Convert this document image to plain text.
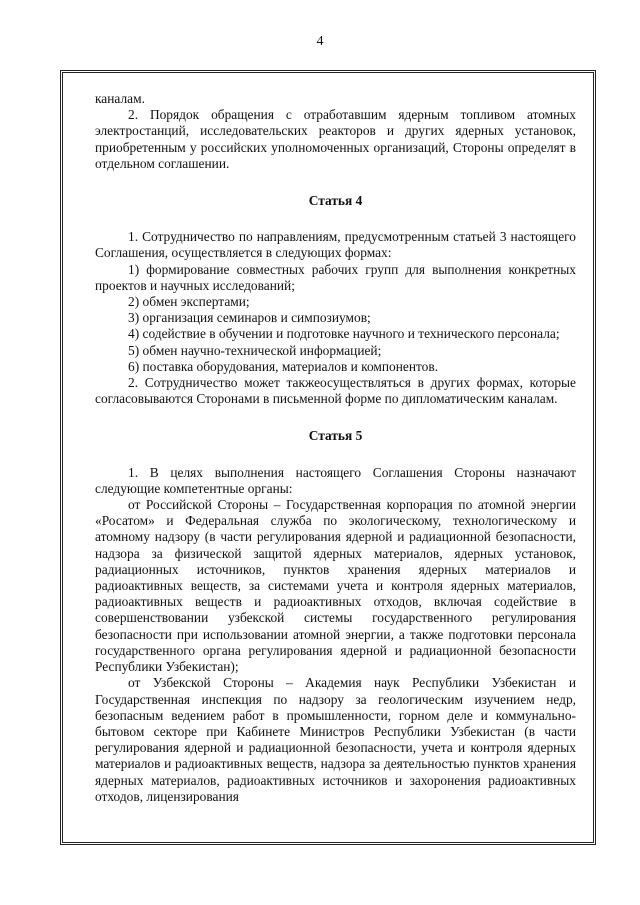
4

каналам.

2. Порядок обращения с отработавшим ядерным топливом атомных электростанций, исследовательских реакторов и других ядерных установок, приобретенным у российских уполномоченных организаций, Стороны определят в отдельном соглашении.

Статья 4

1. Сотрудничество по направлениям, предусмотренным статьей 3 настоящего Соглашения, осуществляется в следующих формах:

1) формирование совместных рабочих групп для выполнения конкретных проектов и научных исследований;

2) обмен экспертами;

3) организация семинаров и симпозиумов;

4) содействие в обучении и подготовке научного и технического персонала;

5) обмен научно-технической информацией;

6) поставка оборудования, материалов и компонентов.

2. Сотрудничество может такжеосуществляться в других формах, которые согласовываются Сторонами в письменной форме по дипломатическим каналам.

Статья 5

1. В целях выполнения настоящего Соглашения Стороны назначают следующие компетентные органы:

от Российской Стороны – Государственная корпорация по атомной энергии «Росатом» и Федеральная служба по экологическому, технологическому и атомному надзору (в части регулирования ядерной и радиационной безопасности, надзора за физической защитой ядерных материалов, ядерных установок, радиационных источников, пунктов хранения ядерных материалов и радиоактивных веществ, за системами учета и контроля ядерных материалов, радиоактивных веществ и радиоактивных отходов, включая содействие в совершенствовании узбекской системы государственного регулирования безопасности при использовании атомной энергии, а также подготовки персонала государственного органа регулирования ядерной и радиационной безопасности Республики Узбекистан);

от Узбекской Стороны – Академия наук Республики Узбекистан и Государственная инспекция по надзору за геологическим изучением недр, безопасным ведением работ в промышленности, горном деле и коммунально-бытовом секторе при Кабинете Министров Республики Узбекистан (в части регулирования ядерной и радиационной безопасности, учета и контроля ядерных материалов и радиоактивных веществ, надзора за деятельностью пунктов хранения ядерных материалов, радиоактивных источников и захоронения радиоактивных отходов, лицензирования
